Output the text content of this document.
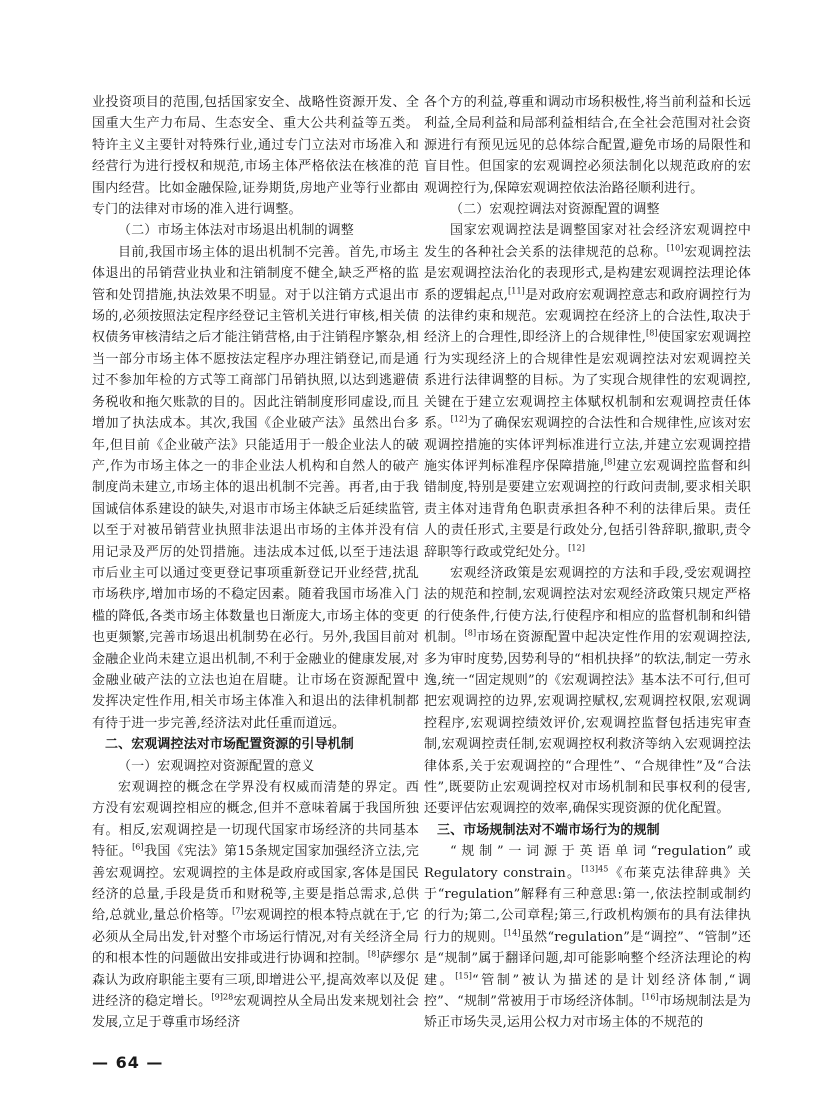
业投资项目的范围,包括国家安全、战略性资源开发、全国重大生产力布局、生态安全、重大公共利益等五类。特许主义主要针对特殊行业,通过专门立法对市场准入和经营行为进行授权和规范,市场主体严格依法在核准的范围内经营。比如金融保险,证券期货,房地产业等行业都由专门的法律对市场的准入进行调整。

（二）市场主体法对市场退出机制的调整

目前,我国市场主体的退出机制不完善。首先,市场主体退出的吊销营业执业和注销制度不健全,缺乏严格的监管和处罚措施,执法效果不明显。对于以注销方式退出市场的,必须按照法定程序经登记主管机关进行审核,相关债权债务审核清结之后才能注销营格,由于注销程序繁杂,相当一部分市场主体不愿按法定程序办理注销登记,而是通过不参加年检的方式等工商部门吊销执照,以达到逃避债务税收和拖欠账款的目的。因此注销制度形同虚设,而且增加了执法成本。其次,我国《企业破产法》虽然出台多年,但目前《企业破产法》只能适用于一般企业法人的破产,作为市场主体之一的非企业法人机构和自然人的破产制度尚未建立,市场主体的退出机制不完善。再者,由于我国诚信体系建设的缺失,对退市市场主体缺乏后延续监管,以至于对被吊销营业执照非法退出市场的主体并没有信用记录及严厉的处罚措施。违法成本过低,以至于违法退市后业主可以通过变更登记事项重新登记开业经营,扰乱市场秩序,增加市场的不稳定因素。随着我国市场准入门槛的降低,各类市场主体数量也日渐庞大,市场主体的变更也更频繁,完善市场退出机制势在必行。另外,我国目前对金融企业尚未建立退出机制,不利于金融业的健康发展,对金融业破产法的立法也迫在眉睫。让市场在资源配置中发挥决定性作用,相关市场主体准入和退出的法律机制都有待于进一步完善,经济法对此任重而道远。

二、宏观调控法对市场配置资源的引导机制

（一）宏观调控对资源配置的意义

宏观调控的概念在学界没有权威而清楚的界定。西方没有宏观调控相应的概念,但并不意味着属于我国所独有。相反,宏观调控是一切现代国家市场经济的共同基本特征。[6]我国《宪法》第15条规定国家加强经济立法,完善宏观调控。宏观调控的主体是政府或国家,客体是国民经济的总量,手段是货币和财税等,主要是指总需求,总供给,总就业,量总价格等。[7]宏观调控的根本特点就在于,它必须从全局出发,针对整个市场运行情况,对有关经济全局的和根本性的问题做出安排或进行协调和控制。[8]萨缪尔森认为政府职能主要有三项,即增进公平,提高效率以及促进经济的稳定增长。$^{[9]28}$宏观调控从全局出发来规划社会发展,立足于尊重市场经济

各个方的利益,尊重和调动市场积极性,将当前利益和长远利益,全局利益和局部利益相结合,在全社会范围对社会资源进行有预见远见的总体综合配置,避免市场的局限性和盲目性。但国家的宏观调控必须法制化以规范政府的宏观调控行为,保障宏观调控依法治路径顺利进行。

（二）宏观控调法对资源配置的调整

国家宏观调控法是调整国家对社会经济宏观调控中发生的各种社会关系的法律规范的总称。[10]宏观调控法是宏观调控法治化的表现形式,是构建宏观调控法理论体系的逻辑起点,[11]是对政府宏观调控意志和政府调控行为的法律约束和规范。宏观调控在经济上的合法性,取决于经济上的合理性,即经济上的合规律性,[8]使国家宏观调控行为实现经济上的合规律性是宏观调控法对宏观调控关系进行法律调整的目标。为了实现合规律性的宏观调控,关键在于建立宏观调控主体赋权机制和宏观调控责任体系。[12]为了确保宏观调控的合法性和合规律性,应该对宏观调控措施的实体评判标准进行立法,并建立宏观调控措施实体评判标准程序保障措施,[8]建立宏观调控监督和纠错制度,特别是要建立宏观调控的行政问责制,要求相关职责主体对违背角色职责承担各种不利的法律后果。责任人的责任形式,主要是行政处分,包括引咎辞职,撤职,责令辞职等行政或党纪处分。[12]

宏观经济政策是宏观调控的方法和手段,受宏观调控法的规范和控制,宏观调控法对宏观经济政策只规定严格的行使条件,行使方法,行使程序和相应的监督机制和纠错机制。[8]市场在资源配置中起决定性作用的宏观调控法,多为审时度势,因势利导的“相机抉择”的软法,制定一劳永逸,统一“固定规则”的《宏观调控法》基本法不可行,但可把宏观调控的边界,宏观调控赋权,宏观调控权限,宏观调控程序,宏观调控绩效评价,宏观调控监督包括违宪审查制,宏观调控责任制,宏观调控权利救济等纳入宏观调控法律体系,关于宏观调控的“合理性”、“合规律性”及“合法性”,既要防止宏观调控权对市场机制和民事权利的侵害,还要评估宏观调控的效率,确保实现资源的优化配置。

三、市场规制法对不端市场行为的规制

“规制”一词源于英语单词“regulation”或Regulatory constrain。$^{[13]45}$《布莱克法律辞典》关于“regulation”解释有三种意思:第一,依法控制或制约的行为;第二,公司章程;第三,行政机构颁布的具有法律执行力的规则。[14]虽然“regulation”是“调控”、“管制”还是“规制”属于翻译问题,却可能影响整个经济法理论的构建。[15]“管制”被认为描述的是计划经济体制,“调控”、“规制”常被用于市场经济体制。[16]市场规制法是为矫正市场失灵,运用公权力对市场主体的不规范的

— 64 —
